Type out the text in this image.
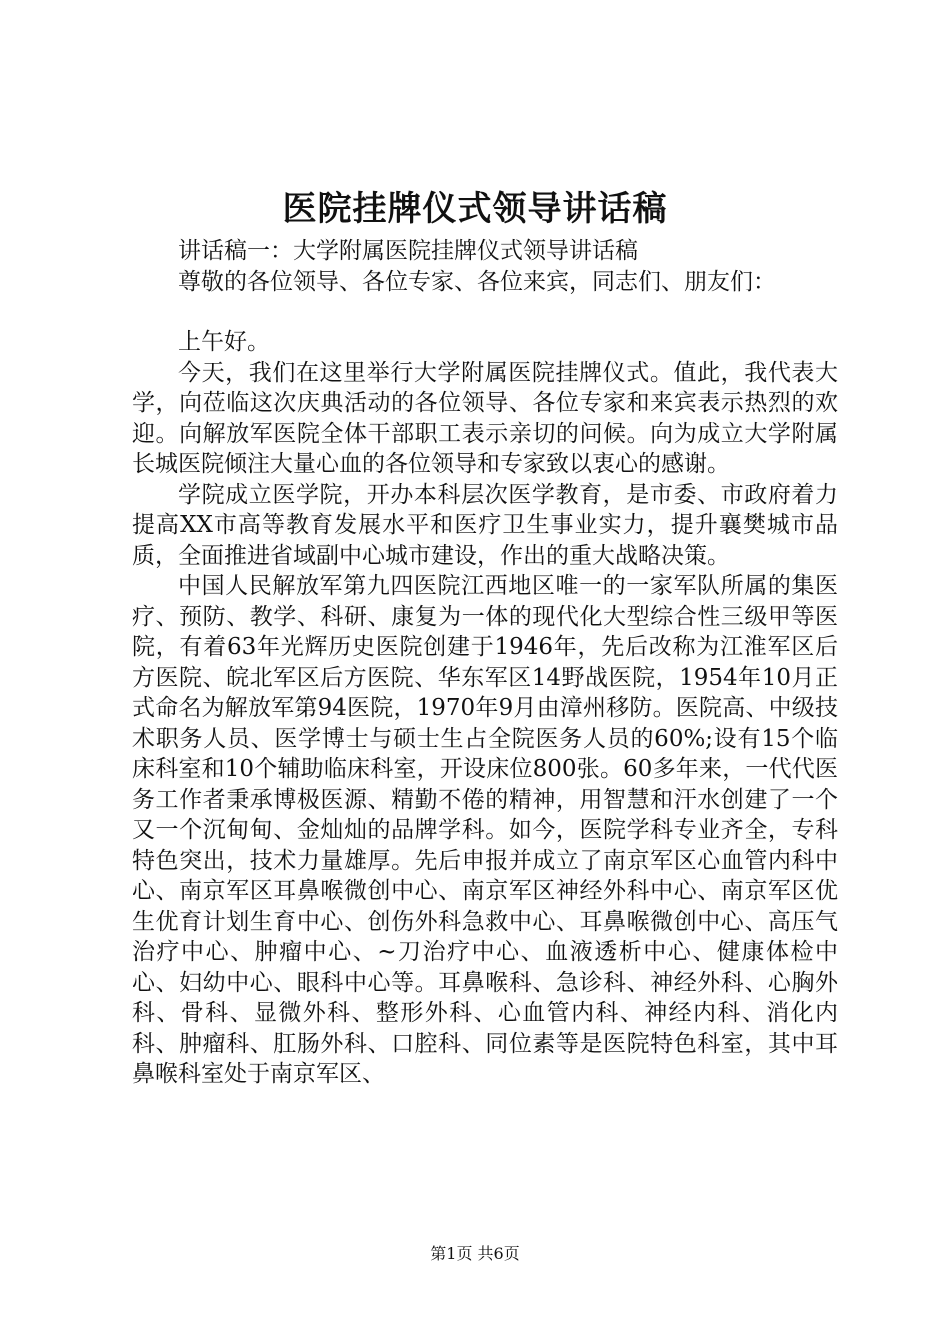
医院挂牌仪式领导讲话稿

讲话稿一：大学附属医院挂牌仪式领导讲话稿

尊敬的各位领导、各位专家、各位来宾，同志们、朋友们：

上午好。

今天，我们在这里举行大学附属医院挂牌仪式。值此，我代表大学，向莅临这次庆典活动的各位领导、各位专家和来宾表示热烈的欢迎。向解放军医院全体干部职工表示亲切的问候。向为成立大学附属长城医院倾注大量心血的各位领导和专家致以衷心的感谢。

学院成立医学院，开办本科层次医学教育，是市委、市政府着力提高XX市高等教育发展水平和医疗卫生事业实力，提升襄樊城市品质，全面推进省域副中心城市建设，作出的重大战略决策。

中国人民解放军第九四医院江西地区唯一的一家军队所属的集医疗、预防、教学、科研、康复为一体的现代化大型综合性三级甲等医院，有着63年光辉历史医院创建于1946年，先后改称为江淮军区后方医院、皖北军区后方医院、华东军区14野战医院，1954年10月正式命名为解放军第94医院，1970年9月由漳州移防。医院高、中级技术职务人员、医学博士与硕士生占全院医务人员的60%;设有15个临床科室和10个辅助临床科室，开设床位800张。60多年来，一代代医务工作者秉承博极医源、精勤不倦的精神，用智慧和汗水创建了一个又一个沉甸甸、金灿灿的品牌学科。如今，医院学科专业齐全，专科特色突出，技术力量雄厚。先后申报并成立了南京军区心血管内科中心、南京军区耳鼻喉微创中心、南京军区神经外科中心、南京军区优生优育计划生育中心、创伤外科急救中心、耳鼻喉微创中心、高压气治疗中心、肿瘤中心、~刀治疗中心、血液透析中心、健康体检中心、妇幼中心、眼科中心等。耳鼻喉科、急诊科、神经外科、心胸外科、骨科、显微外科、整形外科、心血管内科、神经内科、消化内科、肿瘤科、肛肠外科、口腔科、同位素等是医院特色科室，其中耳鼻喉科室处于南京军区、

第1页 共6页
